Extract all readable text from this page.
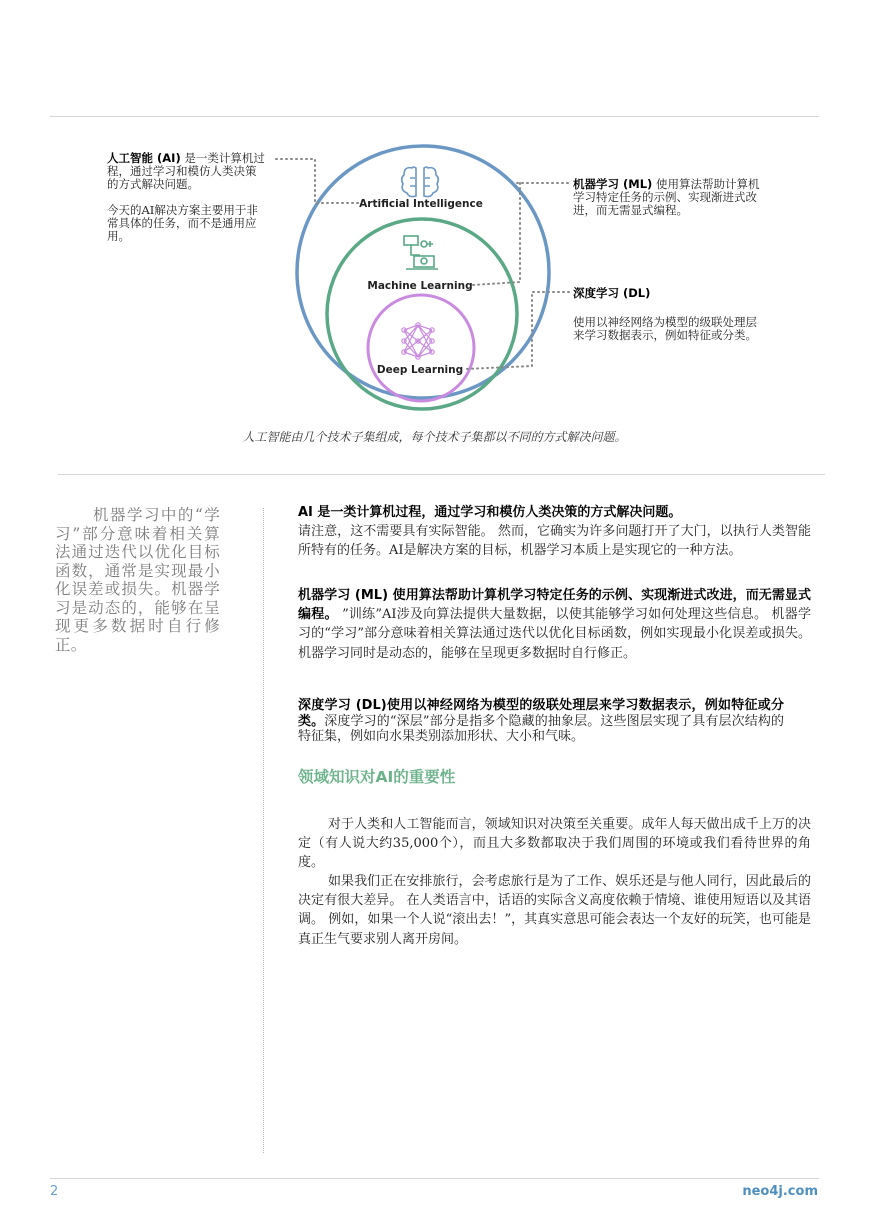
Artificial Intelligence
Machine Learning
Deep Learning
人工智能 (AI) 是一类计算机过程，通过学习和模仿人类决策的方式解决问题。
今天的AI解决方案主要用于非常具体的任务，而不是通用应用。
机器学习 (ML) 使用算法帮助计算机学习特定任务的示例、实现渐进式改进，而无需显式编程。
深度学习 (DL)
使用以神经网络为模型的级联处理层来学习数据表示，例如特征或分类。
人工智能由几个技术子集组成，每个技术子集都以不同的方式解决问题。
机器学习中的“学习”部分意味着相关算法通过迭代以优化目标函数，通常是实现最小化误差或损失。机器学习是动态的，能够在呈现更多数据时自行修正。
AI 是一类计算机过程，通过学习和模仿人类决策的方式解决问题。
请注意，这不需要具有实际智能。 然而，它确实为许多问题打开了大门，以执行人类智能所特有的任务。AI是解决方案的目标，机器学习本质上是实现它的一种方法。
机器学习 (ML) 使用算法帮助计算机学习特定任务的示例、实现渐进式改进，而无需显式编程。 ”训练”AI涉及向算法提供大量数据，以使其能够学习如何处理这些信息。 机器学习的“学习”部分意味着相关算法通过迭代以优化目标函数，例如实现最小化误差或损失。 机器学习同时是动态的，能够在呈现更多数据时自行修正。
深度学习 (DL)使用以神经网络为模型的级联处理层来学习数据表示，例如特征或分类。深度学习的“深层”部分是指多个隐藏的抽象层。这些图层实现了具有层次结构的特征集，例如向水果类别添加形状、大小和气味。
领域知识对AI的重要性
对于人类和人工智能而言，领域知识对决策至关重要。成年人每天做出成千上万的决定（有人说大约35,000个），而且大多数都取决于我们周围的环境或我们看待世界的角度。
如果我们正在安排旅行，会考虑旅行是为了工作、娱乐还是与他人同行，因此最后的决定有很大差异。 在人类语言中，话语的实际含义高度依赖于情境、谁使用短语以及其语调。 例如，如果一个人说“滚出去！”，其真实意思可能会表达一个友好的玩笑，也可能是真正生气要求别人离开房间。
2	neo4j.com
